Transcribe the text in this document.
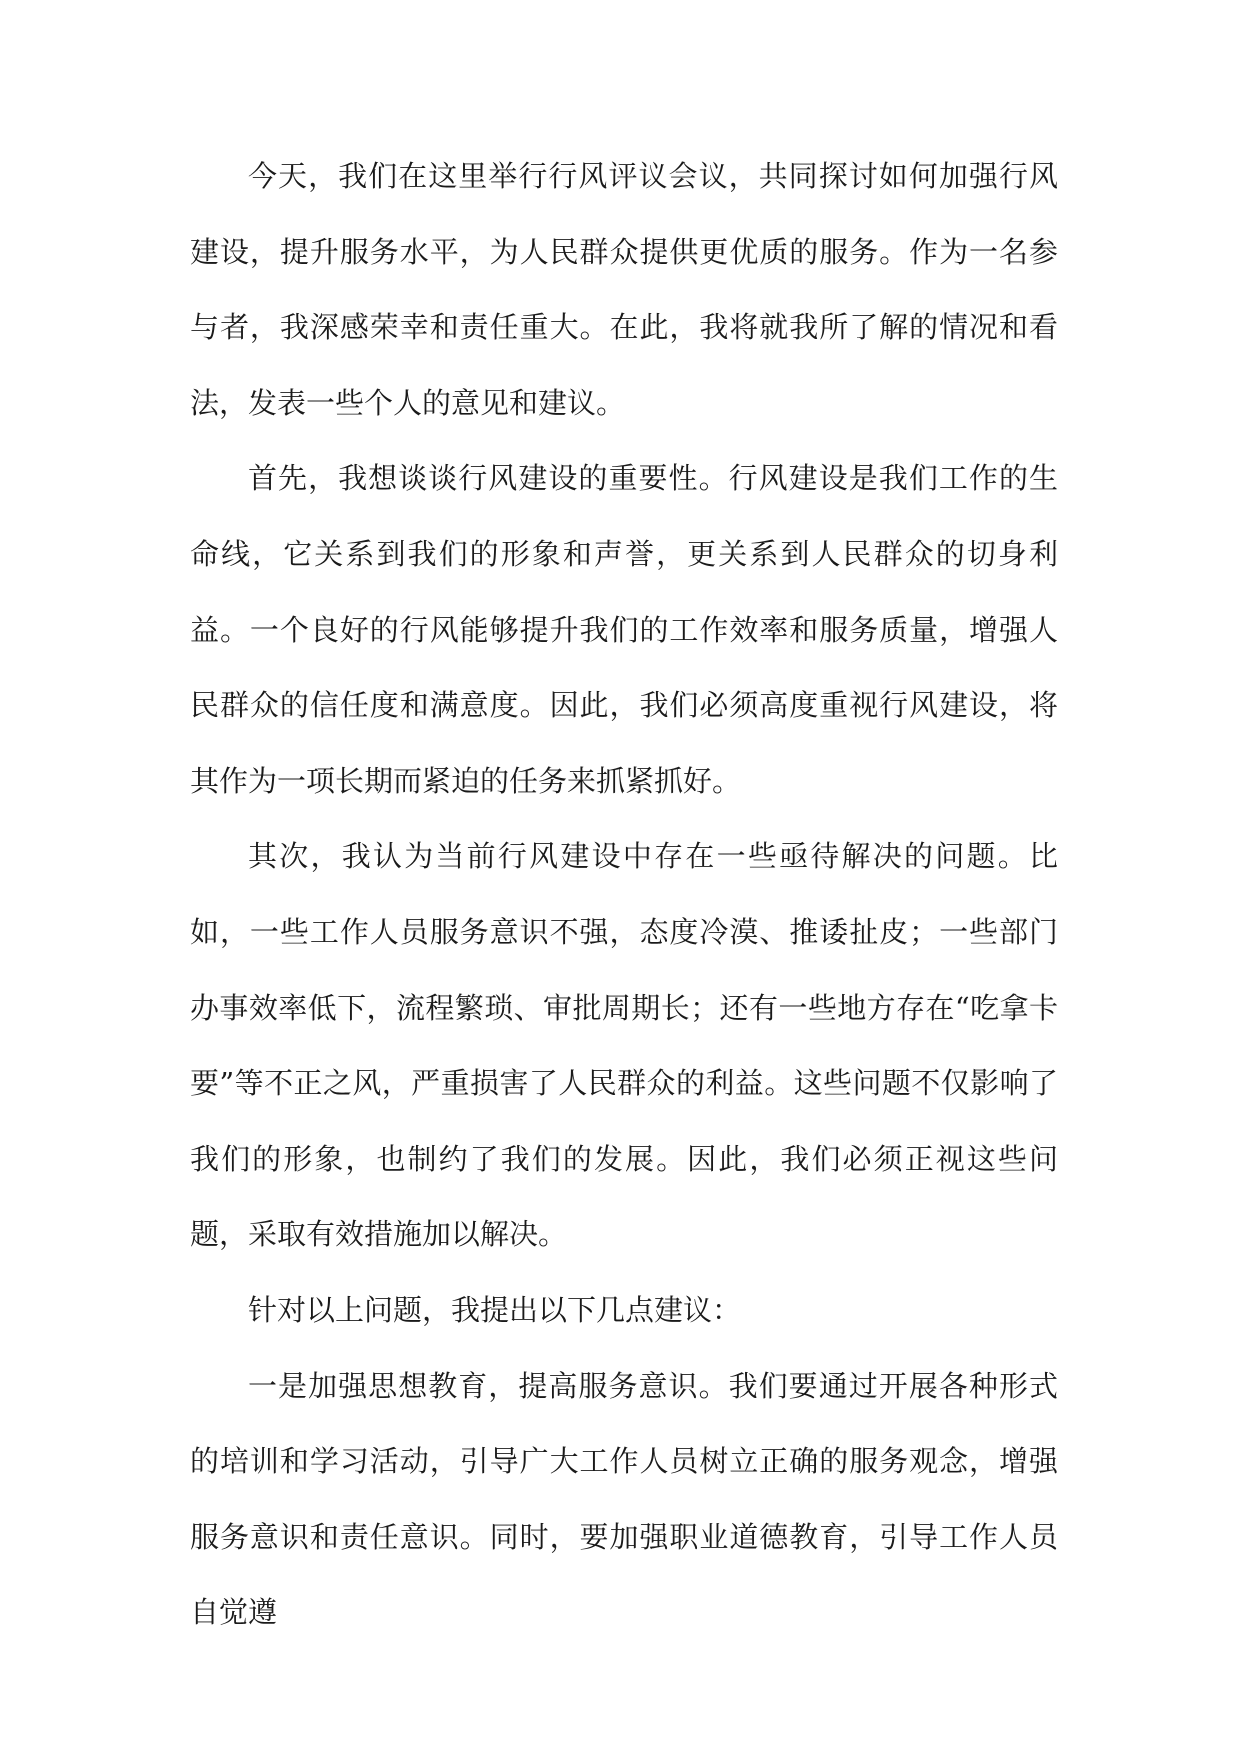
今天，我们在这里举行行风评议会议，共同探讨如何加强行风建设，提升服务水平，为人民群众提供更优质的服务。作为一名参与者，我深感荣幸和责任重大。在此，我将就我所了解的情况和看法，发表一些个人的意见和建议。

首先，我想谈谈行风建设的重要性。行风建设是我们工作的生命线，它关系到我们的形象和声誉，更关系到人民群众的切身利益。一个良好的行风能够提升我们的工作效率和服务质量，增强人民群众的信任度和满意度。因此，我们必须高度重视行风建设，将其作为一项长期而紧迫的任务来抓紧抓好。

其次，我认为当前行风建设中存在一些亟待解决的问题。比如，一些工作人员服务意识不强，态度冷漠、推诿扯皮；一些部门办事效率低下，流程繁琐、审批周期长；还有一些地方存在“吃拿卡要”等不正之风，严重损害了人民群众的利益。这些问题不仅影响了我们的形象，也制约了我们的发展。因此，我们必须正视这些问题，采取有效措施加以解决。

针对以上问题，我提出以下几点建议：

一是加强思想教育，提高服务意识。我们要通过开展各种形式的培训和学习活动，引导广大工作人员树立正确的服务观念，增强服务意识和责任意识。同时，要加强职业道德教育，引导工作人员自觉遵
